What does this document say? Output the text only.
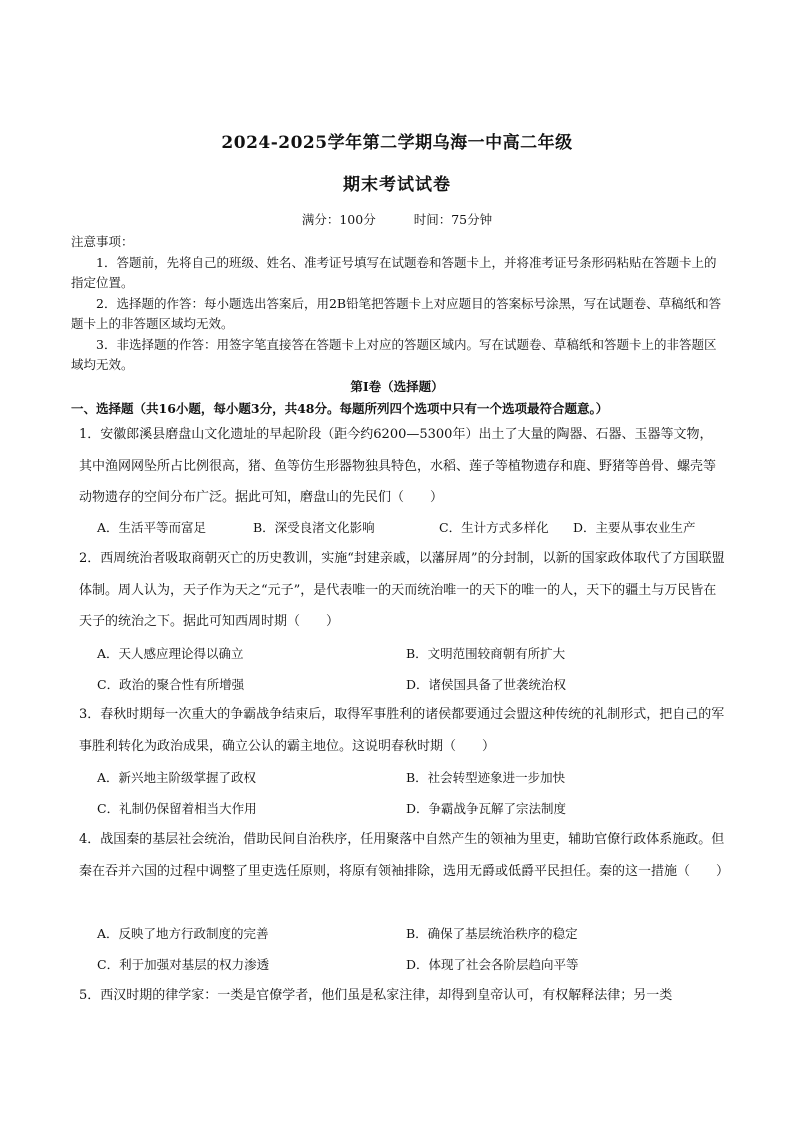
2024-2025学年第二学期乌海一中高二年级
期末考试试卷
满分：100分	时间：75分钟

注意事项：

1．答题前，先将自己的班级、姓名、准考证号填写在试题卷和答题卡上，并将准考证号条形码粘贴在答题卡上的指定位置。

2．选择题的作答：每小题选出答案后，用2B铅笔把答题卡上对应题目的答案标号涂黑，写在试题卷、草稿纸和答题卡上的非答题区域均无效。

3．非选择题的作答：用签字笔直接答在答题卡上对应的答题区域内。写在试题卷、草稿纸和答题卡上的非答题区域均无效。

第Ⅰ卷（选择题）
一、选择题（共16小题，每小题3分，共48分。每题所列四个选项中只有一个选项最符合题意。）

1．安徽郎溪县磨盘山文化遗址的早起阶段（距今约6200—5300年）出土了大量的陶器、石器、玉器等文物，其中渔网网坠所占比例很高，猪、鱼等仿生形器物独具特色，水稻、莲子等植物遗存和鹿、野猪等兽骨、螺壳等动物遗存的空间分布广泛。据此可知，磨盘山的先民们（　　）

A．生活平等而富足	B．深受良渚文化影响	C．生计方式多样化	D．主要从事农业生产

2．西周统治者吸取商朝灭亡的历史教训，实施“封建亲戚，以藩屏周”的分封制，以新的国家政体取代了方国联盟体制。周人认为，天子作为天之“元子”，是代表唯一的天而统治唯一的天下的唯一的人，天下的疆土与万民皆在天子的统治之下。据此可知西周时期（　　）

A．天人感应理论得以确立	B．文明范围较商朝有所扩大
C．政治的聚合性有所增强	D．诸侯国具备了世袭统治权

3．春秋时期每一次重大的争霸战争结束后，取得军事胜利的诸侯都要通过会盟这种传统的礼制形式，把自己的军事胜利转化为政治成果，确立公认的霸主地位。这说明春秋时期（　　）

A．新兴地主阶级掌握了政权	B．社会转型迹象进一步加快
C．礼制仍保留着相当大作用	D．争霸战争瓦解了宗法制度

4．战国秦的基层社会统治，借助民间自治秩序，任用聚落中自然产生的领袖为里吏，辅助官僚行政体系施政。但秦在吞并六国的过程中调整了里吏选任原则，将原有领袖排除，选用无爵或低爵平民担任。秦的这一措施（　　）

A．反映了地方行政制度的完善	B．确保了基层统治秩序的稳定
C．利于加强对基层的权力渗透	D．体现了社会各阶层趋向平等

5．西汉时期的律学家：一类是官僚学者，他们虽是私家注律，却得到皇帝认可，有权解释法律；另一类
